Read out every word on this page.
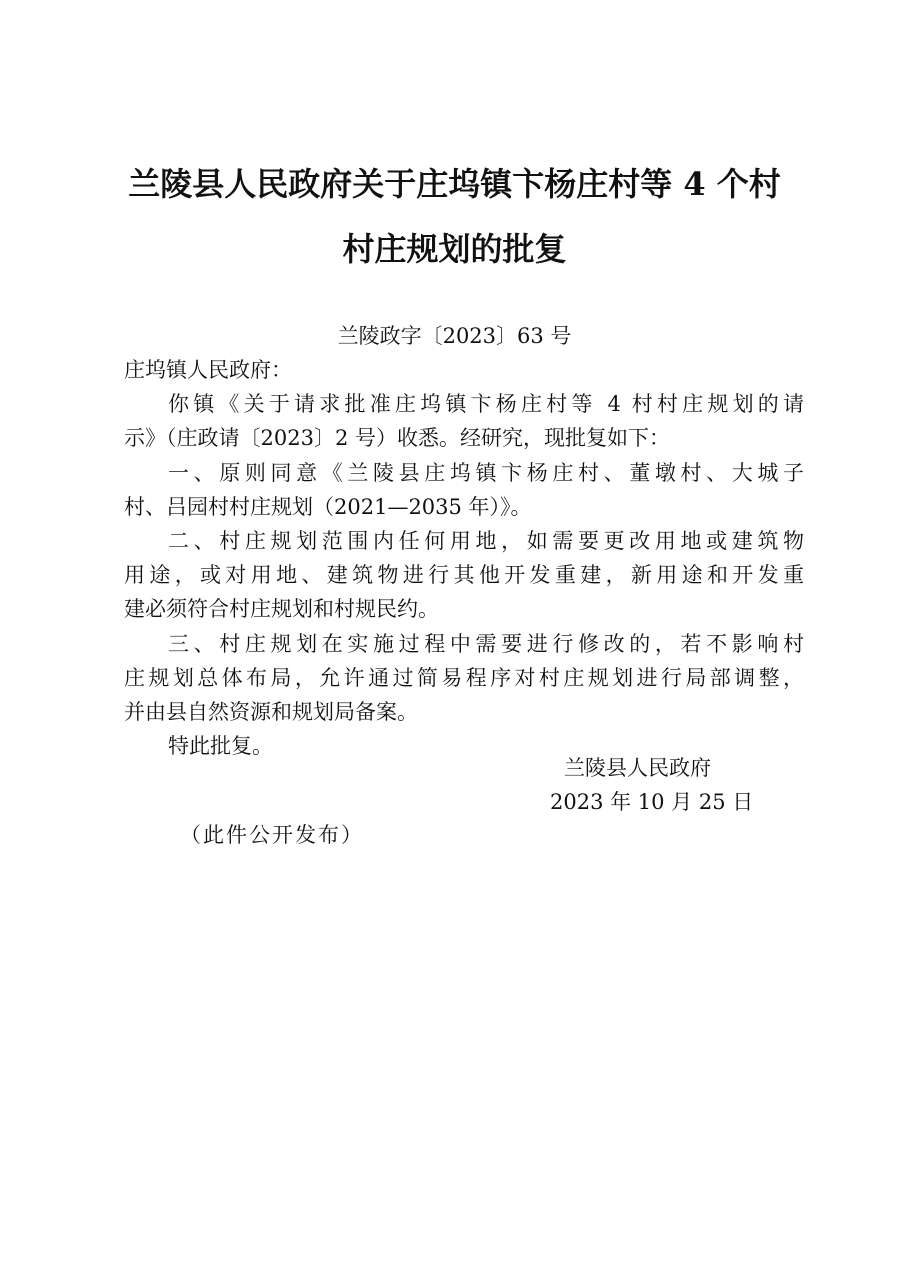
兰陵县人民政府关于庄坞镇卞杨庄村等 4 个村
村庄规划的批复
兰陵政字〔2023〕63 号
庄坞镇人民政府：
你镇《关于请求批准庄坞镇卞杨庄村等 4 村村庄规划的请
示》（庄政请〔2023〕2 号）收悉。经研究，现批复如下：
一、原则同意《兰陵县庄坞镇卞杨庄村、董墩村、大城子
村、吕园村村庄规划（2021—2035 年）》。
二、村庄规划范围内任何用地，如需要更改用地或建筑物
用途，或对用地、建筑物进行其他开发重建，新用途和开发重
建必须符合村庄规划和村规民约。
三、村庄规划在实施过程中需要进行修改的，若不影响村
庄规划总体布局，允许通过简易程序对村庄规划进行局部调整，
并由县自然资源和规划局备案。
特此批复。
兰陵县人民政府
2023 年 10 月 25 日
（此件公开发布）
